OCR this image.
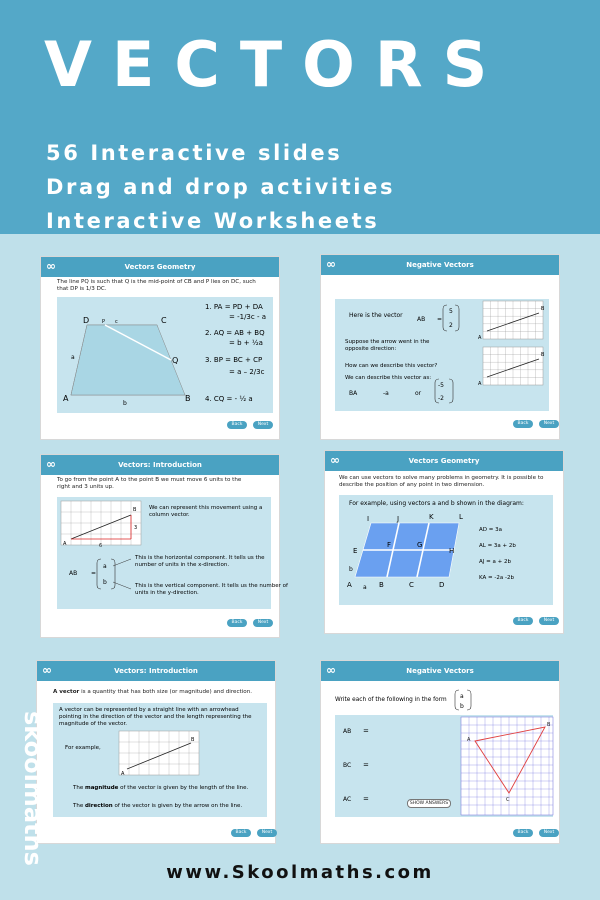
VECTORS
56 Interactive slides
Drag and drop activities
Interactive Worksheets
∞	Vectors Geometry
The line PQ is such that Q is the mid-point of CB and P lies on DC, such
that DP is 1/3 DC.
D	P c	C
a	Q
A
b
B
1. PA = PD + DA
= -1/3c - a
2. AQ = AB + BQ
= b + ½a
3. BP = BC + CP
= a – 2/3c
4. CQ = - ½ a
Back	Next
∞	Negative Vectors
Here is the vector
AB =
5
2
Suppose the arrow went in the
opposite direction:
How can we describe this vector?
We can describe this vector as:
BA	-a	or
-5
-2
A
B
A
B
Back	Next
∞	Vectors: Introduction
To go from the point A to the point B we must move 6 units to the
right and 3 units up.
A
B
6
3
We can represent this movement using a
column vector.
AB =
a
b
This is the horizontal component. It tells us the
number of units in the x-direction.
This is the vertical component. It tells us the number of
units in the y-direction.
Back	Next
∞	Vectors Geometry
We can use vectors to solve many problems in geometry. It is possible to
describe the position of any point in two dimension.
For example, using vectors a and b shown in the diagram:
I	J	K	L
E
F	G
H
b
A a B	C	D
AD = 3a
AL = 3a + 2b
AJ = a + 2b
KA = -2a -2b
Back	Next
∞	Vectors: Introduction
A vector is a quantity that has both size (or magnitude) and direction.
A vector can be represented by a straight line with an arrowhead
pointing in the direction of the vector and the length representing the
magnitude of the vector.
For example,
A
B
The magnitude of the vector is given by the length of the line.
The direction of the vector is given by the arrow on the line.
Back	Next
∞	Negative Vectors
Write each of the following in the form a
b
AB =
BC =
AC =
A
B
C
SHOW ANSWERS
Back	Next
skoolmaths
www.Skoolmaths.com
